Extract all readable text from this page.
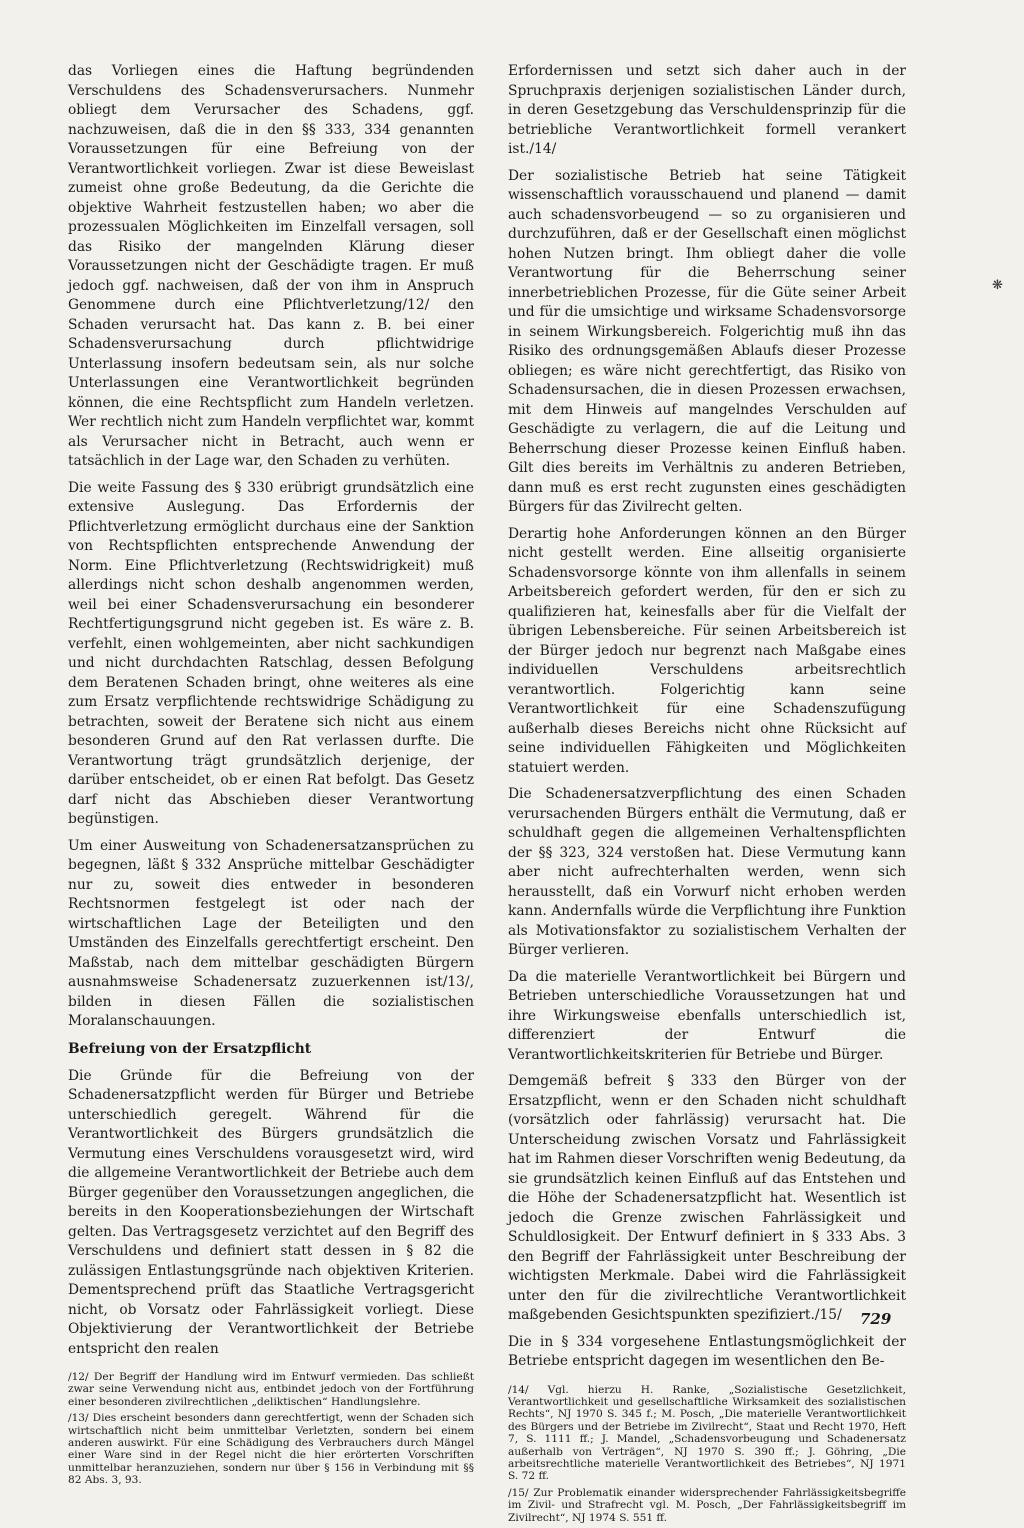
das Vorliegen eines die Haftung begründenden Verschuldens des Schadensverursachers. Nunmehr obliegt dem Verursacher des Schadens, ggf. nachzuweisen, daß die in den §§ 333, 334 genannten Voraussetzungen für eine Befreiung von der Verantwortlichkeit vorliegen. Zwar ist diese Beweislast zumeist ohne große Bedeutung, da die Gerichte die objektive Wahrheit festzustellen haben; wo aber die prozessualen Möglichkeiten im Einzelfall versagen, soll das Risiko der mangelnden Klärung dieser Voraussetzungen nicht der Geschädigte tragen. Er muß jedoch ggf. nachweisen, daß der von ihm in Anspruch Genommene durch eine Pflichtverletzung/12/ den Schaden verursacht hat. Das kann z. B. bei einer Schadensverursachung durch pflichtwidrige Unterlassung insofern bedeutsam sein, als nur solche Unterlassungen eine Verantwortlichkeit begründen können, die eine Rechtspflicht zum Handeln verletzen. Wer rechtlich nicht zum Handeln verpflichtet war, kommt als Verursacher nicht in Betracht, auch wenn er tatsächlich in der Lage war, den Schaden zu verhüten.

Die weite Fassung des § 330 erübrigt grundsätzlich eine extensive Auslegung. Das Erfordernis der Pflichtverletzung ermöglicht durchaus eine der Sanktion von Rechtspflichten entsprechende Anwendung der Norm. Eine Pflichtverletzung (Rechtswidrigkeit) muß allerdings nicht schon deshalb angenommen werden, weil bei einer Schadensverursachung ein besonderer Rechtfertigungsgrund nicht gegeben ist. Es wäre z. B. verfehlt, einen wohlgemeinten, aber nicht sachkundigen und nicht durchdachten Ratschlag, dessen Befolgung dem Beratenen Schaden bringt, ohne weiteres als eine zum Ersatz verpflichtende rechtswidrige Schädigung zu betrachten, soweit der Beratene sich nicht aus einem besonderen Grund auf den Rat verlassen durfte. Die Verantwortung trägt grundsätzlich derjenige, der darüber entscheidet, ob er einen Rat befolgt. Das Gesetz darf nicht das Abschieben dieser Verantwortung begünstigen.

Um einer Ausweitung von Schadenersatzansprüchen zu begegnen, läßt § 332 Ansprüche mittelbar Geschädigter nur zu, soweit dies entweder in besonderen Rechtsnormen festgelegt ist oder nach der wirtschaftlichen Lage der Beteiligten und den Umständen des Einzelfalls gerechtfertigt erscheint. Den Maßstab, nach dem mittelbar geschädigten Bürgern ausnahmsweise Schadenersatz zuzuerkennen ist/13/, bilden in diesen Fällen die sozialistischen Moralanschauungen.

Befreiung von der Ersatzpflicht

Die Gründe für die Befreiung von der Schadenersatzpflicht werden für Bürger und Betriebe unterschiedlich geregelt. Während für die Verantwortlichkeit des Bürgers grundsätzlich die Vermutung eines Verschuldens vorausgesetzt wird, wird die allgemeine Verantwortlichkeit der Betriebe auch dem Bürger gegenüber den Voraussetzungen angeglichen, die bereits in den Kooperationsbeziehungen der Wirtschaft gelten. Das Vertragsgesetz verzichtet auf den Begriff des Verschuldens und definiert statt dessen in § 82 die zulässigen Entlastungsgründe nach objektiven Kriterien. Dementsprechend prüft das Staatliche Vertragsgericht nicht, ob Vorsatz oder Fahrlässigkeit vorliegt. Diese Objektivierung der Verantwortlichkeit der Betriebe entspricht den realen

/12/ Der Begriff der Handlung wird im Entwurf vermieden. Das schließt zwar seine Verwendung nicht aus, entbindet jedoch von der Fortführung einer besonderen zivilrechtlichen „deliktischen“ Handlungslehre.

/13/ Dies erscheint besonders dann gerechtfertigt, wenn der Schaden sich wirtschaftlich nicht beim unmittelbar Verletzten, sondern bei einem anderen auswirkt. Für eine Schädigung des Verbrauchers durch Mängel einer Ware sind in der Regel nicht die hier erörterten Vorschriften unmittelbar heranzuziehen, sondern nur über § 156 in Verbindung mit §§ 82 Abs. 3, 93.

Erfordernissen und setzt sich daher auch in der Spruchpraxis derjenigen sozialistischen Länder durch, in deren Gesetzgebung das Verschuldensprinzip für die betriebliche Verantwortlichkeit formell verankert ist./14/

Der sozialistische Betrieb hat seine Tätigkeit wissenschaftlich vorausschauend und planend — damit auch schadensvorbeugend — so zu organisieren und durchzuführen, daß er der Gesellschaft einen möglichst hohen Nutzen bringt. Ihm obliegt daher die volle Verantwortung für die Beherrschung seiner innerbetrieblichen Prozesse, für die Güte seiner Arbeit und für die umsichtige und wirksame Schadensvorsorge in seinem Wirkungsbereich. Folgerichtig muß ihn das Risiko des ordnungsgemäßen Ablaufs dieser Prozesse obliegen; es wäre nicht gerechtfertigt, das Risiko von Schadensursachen, die in diesen Prozessen erwachsen, mit dem Hinweis auf mangelndes Verschulden auf Geschädigte zu verlagern, die auf die Leitung und Beherrschung dieser Prozesse keinen Einfluß haben. Gilt dies bereits im Verhältnis zu anderen Betrieben, dann muß es erst recht zugunsten eines geschädigten Bürgers für das Zivilrecht gelten.

Derartig hohe Anforderungen können an den Bürger nicht gestellt werden. Eine allseitig organisierte Schadensvorsorge könnte von ihm allenfalls in seinem Arbeitsbereich gefordert werden, für den er sich zu qualifizieren hat, keinesfalls aber für die Vielfalt der übrigen Lebensbereiche. Für seinen Arbeitsbereich ist der Bürger jedoch nur begrenzt nach Maßgabe eines individuellen Verschuldens arbeitsrechtlich verantwortlich. Folgerichtig kann seine Verantwortlichkeit für eine Schadenszufügung außerhalb dieses Bereichs nicht ohne Rücksicht auf seine individuellen Fähigkeiten und Möglichkeiten statuiert werden.

Die Schadenersatzverpflichtung des einen Schaden verursachenden Bürgers enthält die Vermutung, daß er schuldhaft gegen die allgemeinen Verhaltenspflichten der §§ 323, 324 verstoßen hat. Diese Vermutung kann aber nicht aufrechterhalten werden, wenn sich herausstellt, daß ein Vorwurf nicht erhoben werden kann. Andernfalls würde die Verpflichtung ihre Funktion als Motivationsfaktor zu sozialistischem Verhalten der Bürger verlieren.

Da die materielle Verantwortlichkeit bei Bürgern und Betrieben unterschiedliche Voraussetzungen hat und ihre Wirkungsweise ebenfalls unterschiedlich ist, differenziert der Entwurf die Verantwortlichkeitskriterien für Betriebe und Bürger.

Demgemäß befreit § 333 den Bürger von der Ersatzpflicht, wenn er den Schaden nicht schuldhaft (vorsätzlich oder fahrlässig) verursacht hat. Die Unterscheidung zwischen Vorsatz und Fahrlässigkeit hat im Rahmen dieser Vorschriften wenig Bedeutung, da sie grundsätzlich keinen Einfluß auf das Entstehen und die Höhe der Schadenersatzpflicht hat. Wesentlich ist jedoch die Grenze zwischen Fahrlässigkeit und Schuldlosigkeit. Der Entwurf definiert in § 333 Abs. 3 den Begriff der Fahrlässigkeit unter Beschreibung der wichtigsten Merkmale. Dabei wird die Fahrlässigkeit unter den für die zivilrechtliche Verantwortlichkeit maßgebenden Gesichtspunkten spezifiziert./15/

Die in § 334 vorgesehene Entlastungsmöglichkeit der Betriebe entspricht dagegen im wesentlichen den Be-

/14/ Vgl. hierzu H. Ranke, „Sozialistische Gesetzlichkeit, Verantwortlichkeit und gesellschaftliche Wirksamkeit des sozialistischen Rechts“, NJ 1970 S. 345 f.; M. Posch, „Die materielle Verantwortlichkeit des Bürgers und der Betriebe im Zivilrecht“, Staat und Recht 1970, Heft 7, S. 1111 ff.; J. Mandel, „Schadensvorbeugung und Schadenersatz außerhalb von Verträgen“, NJ 1970 S. 390 ff.; J. Göhring, „Die arbeitsrechtliche materielle Verantwortlichkeit des Betriebes“, NJ 1971 S. 72 ff.

/15/ Zur Problematik einander widersprechender Fahrlässigkeitsbegriffe im Zivil- und Strafrecht vgl. M. Posch, „Der Fahrlässigkeitsbegriff im Zivilrecht“, NJ 1974 S. 551 ff.

❋
729
